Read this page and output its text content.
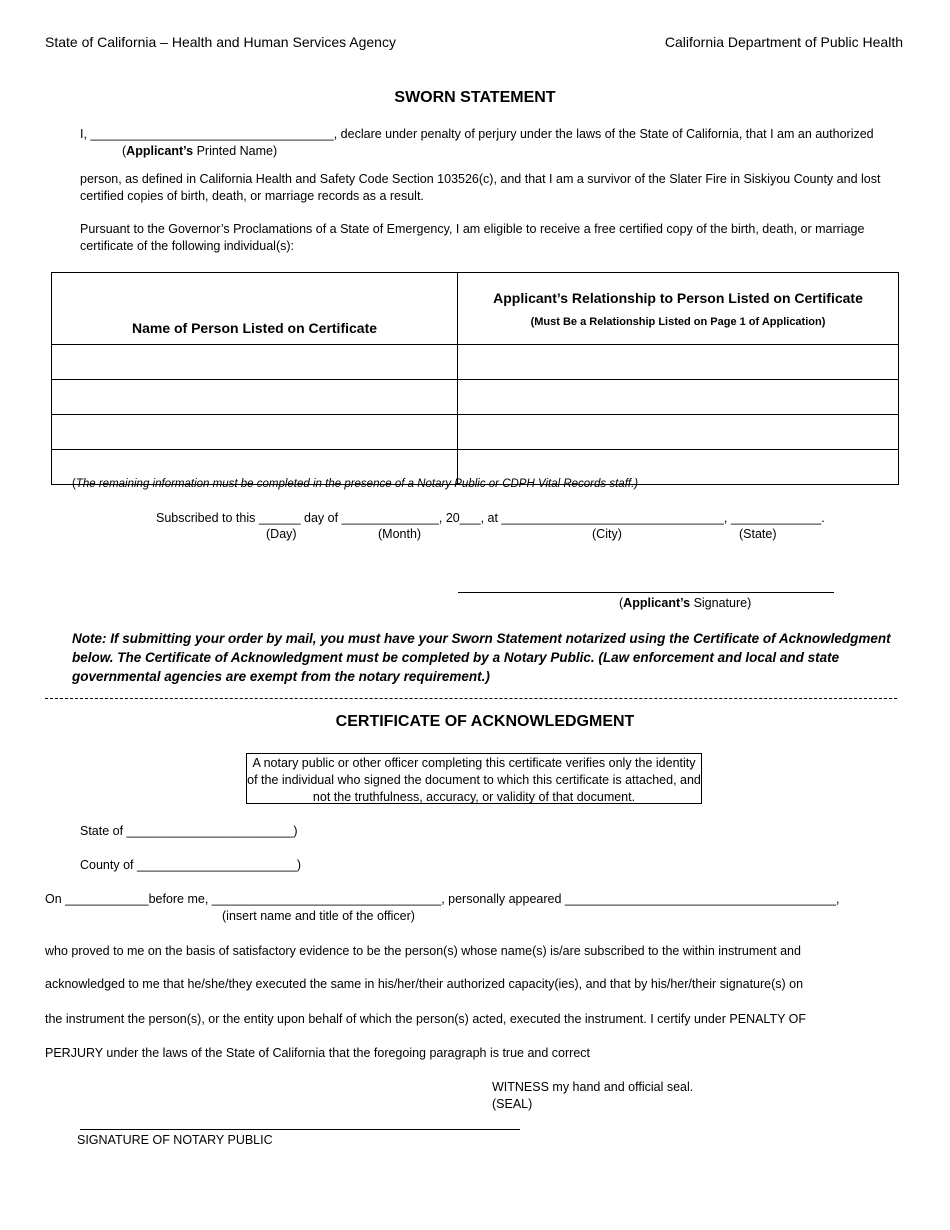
State of California – Health and Human Services Agency	California Department of Public Health
SWORN STATEMENT
I, ___________________________________, declare under penalty of perjury under the laws of the State of California, that I am an authorized
(Applicant’s Printed Name)
person, as defined in California Health and Safety Code Section 103526(c), and that I am a survivor of the Slater Fire in Siskiyou County and lost certified copies of birth, death, or marriage records as a result.
Pursuant to the Governor’s Proclamations of a State of Emergency, I am eligible to receive a free certified copy of the birth, death, or marriage certificate of the following individual(s):
Name of Person Listed on Certificate	Applicant’s Relationship to Person Listed on Certificate
(Must Be a Relationship Listed on Page 1 of Application)

(The remaining information must be completed in the presence of a Notary Public or CDPH Vital Records staff.)
Subscribed to this ______ day of ______________, 20___, at ________________________________, _____________.
(Day)	(Month)	(City)	(State)
(Applicant’s Signature)
Note: If submitting your order by mail, you must have your Sworn Statement notarized using the Certificate of Acknowledgment below. The Certificate of Acknowledgment must be completed by a Notary Public. (Law enforcement and local and state governmental agencies are exempt from the notary requirement.)
CERTIFICATE OF ACKNOWLEDGMENT
A notary public or other officer completing this certificate verifies only the identity of the individual who signed the document to which this certificate is attached, and not the truthfulness, accuracy, or validity of that document.
State of ________________________)
County of _______________________)
On ____________before me, _________________________________, personally appeared _______________________________________,
(insert name and title of the officer)
who proved to me on the basis of satisfactory evidence to be the person(s) whose name(s) is/are subscribed to the within instrument and
acknowledged to me that he/she/they executed the same in his/her/their authorized capacity(ies), and that by his/her/their signature(s) on
the instrument the person(s), or the entity upon behalf of which the person(s) acted, executed the instrument. I certify under PENALTY OF
PERJURY under the laws of the State of California that the foregoing paragraph is true and correct
WITNESS my hand and official seal.
(SEAL)
SIGNATURE OF NOTARY PUBLIC
